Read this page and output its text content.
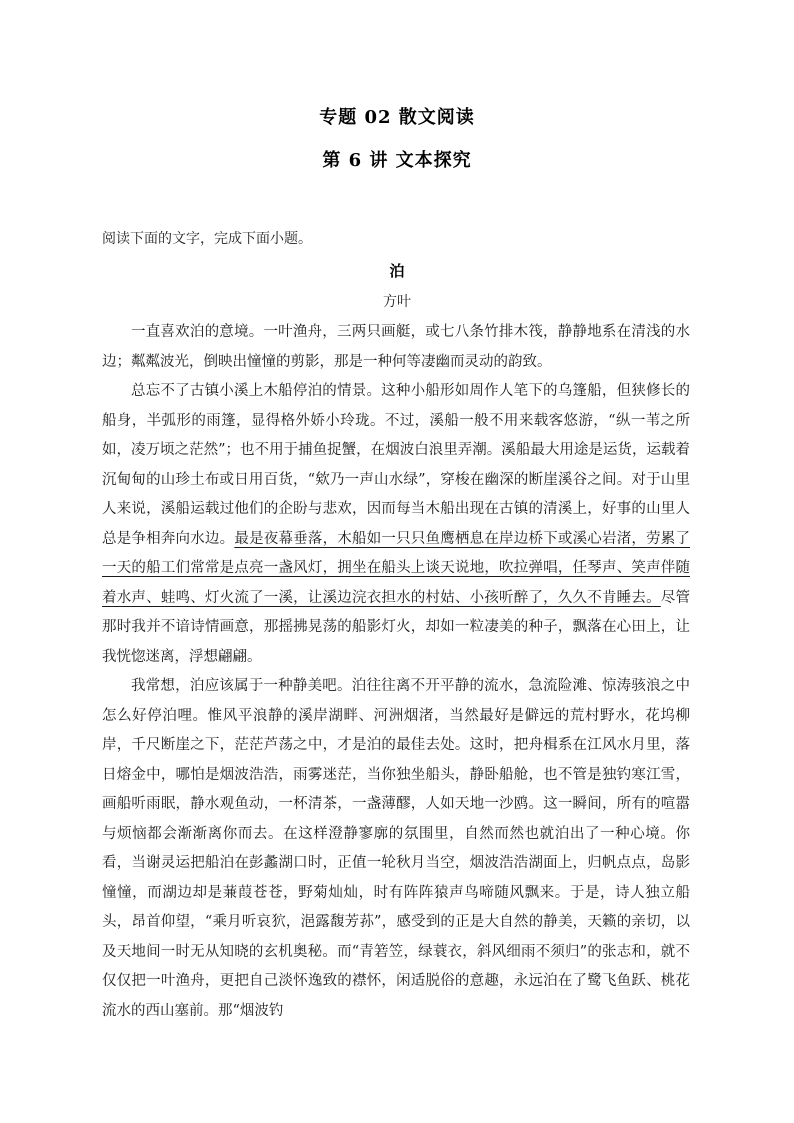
专题 02 散文阅读
第 6 讲 文本探究
阅读下面的文字，完成下面小题。
泊
方叶

一直喜欢泊的意境。一叶渔舟，三两只画艇，或七八条竹排木筏，静静地系在清浅的水边；粼粼波光，倒映出憧憧的剪影，那是一种何等凄幽而灵动的韵致。

总忘不了古镇小溪上木船停泊的情景。这种小船形如周作人笔下的乌篷船，但狭修长的船身，半弧形的雨篷，显得格外娇小玲珑。不过，溪船一般不用来载客悠游，“纵一苇之所如，凌万顷之茫然”；也不用于捕鱼捉蟹，在烟波白浪里弄潮。溪船最大用途是运货，运载着沉甸甸的山珍土布或日用百货，“欸乃一声山水绿”，穿梭在幽深的断崖溪谷之间。对于山里人来说，溪船运载过他们的企盼与悲欢，因而每当木船出现在古镇的清溪上，好事的山里人总是争相奔向水边。最是夜幕垂落，木船如一只只鱼鹰栖息在岸边桥下或溪心岩渚，劳累了一天的船工们常常是点亮一盏风灯，拥坐在船头上谈天说地，吹拉弹唱，任琴声、笑声伴随着水声、蛙鸣、灯火流了一溪，让溪边浣衣担水的村姑、小孩听醉了，久久不肯睡去。尽管那时我并不谙诗情画意，那摇拂晃荡的船影灯火，却如一粒凄美的种子，飘落在心田上，让我恍惚迷离，浮想翩翩。

我常想，泊应该属于一种静美吧。泊往往离不开平静的流水，急流险滩、惊涛骇浪之中怎么好停泊哩。惟风平浪静的溪岸湖畔、河洲烟渚，当然最好是僻远的荒村野水，花坞柳岸，千尺断崖之下，茫茫芦荡之中，才是泊的最佳去处。这时，把舟楫系在江风水月里，落日熔金中，哪怕是烟波浩浩，雨雾迷茫，当你独坐船头，静卧船舱，也不管是独钓寒江雪，画船听雨眠，静水观鱼动，一杯清茶，一盏薄醪，人如天地一沙鸥。这一瞬间，所有的喧嚣与烦恼都会渐渐离你而去。在这样澄静寥廓的氛围里，自然而然也就泊出了一种心境。你看，当谢灵运把船泊在彭蠡湖口时，正值一轮秋月当空，烟波浩浩湖面上，归帆点点，岛影憧憧，而湖边却是蒹葭苍苍，野菊灿灿，时有阵阵猿声鸟啼随风飘来。于是，诗人独立船头，昂首仰望，“乘月听哀狖，浥露馥芳荪”，感受到的正是大自然的静美，天籁的亲切，以及天地间一时无从知晓的玄机奥秘。而“青箬笠，绿蓑衣，斜风细雨不须归”的张志和，就不仅仅把一叶渔舟，更把自己淡怀逸致的襟怀，闲适脱俗的意趣，永远泊在了鹭飞鱼跃、桃花流水的西山塞前。那“烟波钓
